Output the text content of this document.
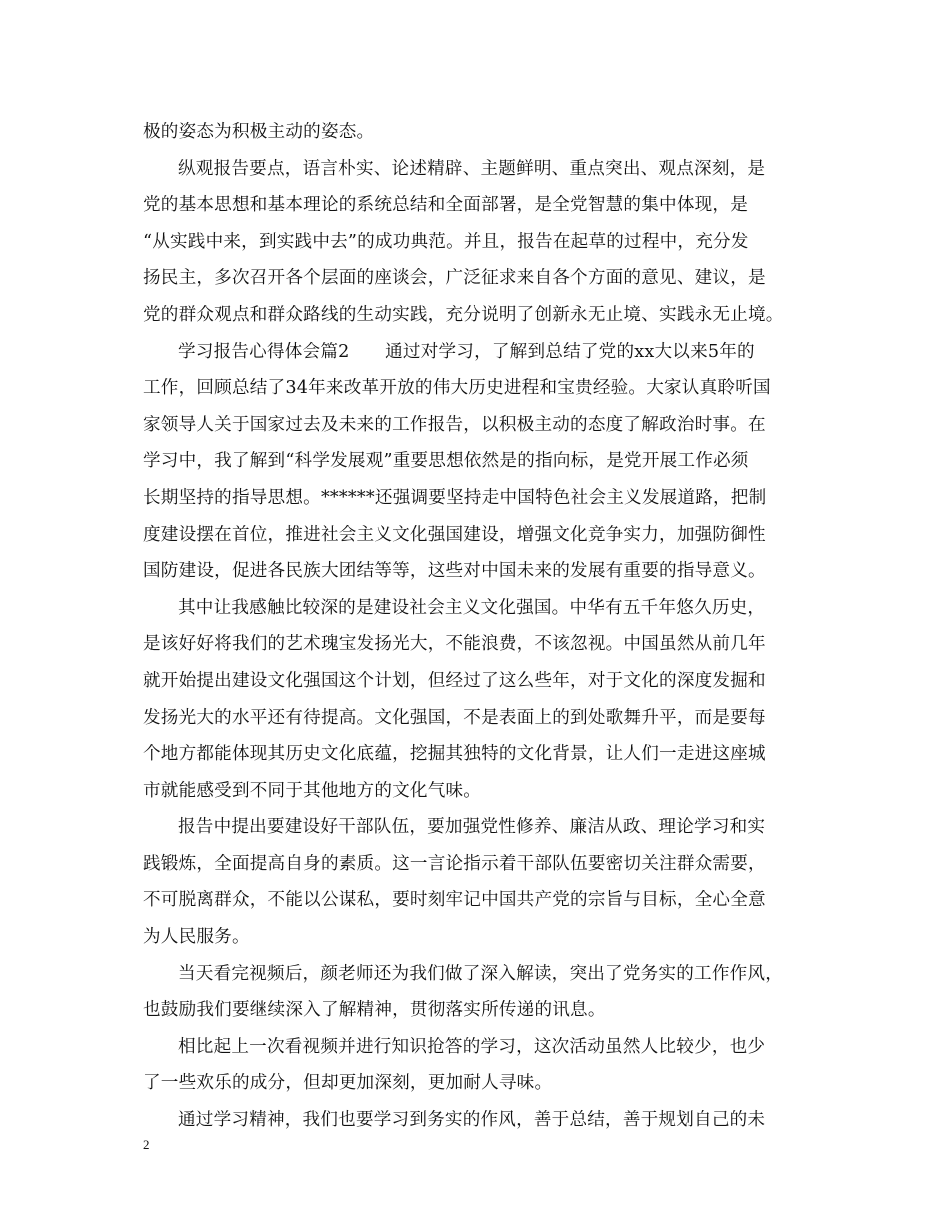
极的姿态为积极主动的姿态。
纵观报告要点，语言朴实、论述精辟、主题鲜明、重点突出、观点深刻，是
党的基本思想和基本理论的系统总结和全面部署，是全党智慧的集中体现，是
“从实践中来，到实践中去”的成功典范。并且，报告在起草的过程中，充分发
扬民主，多次召开各个层面的座谈会，广泛征求来自各个方面的意见、建议，是
党的群众观点和群众路线的生动实践，充分说明了创新永无止境、实践永无止境。
学习报告心得体会篇2　　通过对学习，了解到总结了党的xx大以来5年的
工作，回顾总结了34年来改革开放的伟大历史进程和宝贵经验。大家认真聆听国
家领导人关于国家过去及未来的工作报告，以积极主动的态度了解政治时事。在
学习中，我了解到“科学发展观”重要思想依然是的指向标，是党开展工作必须
长期坚持的指导思想。******还强调要坚持走中国特色社会主义发展道路，把制
度建设摆在首位，推进社会主义文化强国建设，增强文化竞争实力，加强防御性
国防建设，促进各民族大团结等等，这些对中国未来的发展有重要的指导意义。
其中让我感触比较深的是建设社会主义文化强国。中华有五千年悠久历史，
是该好好将我们的艺术瑰宝发扬光大，不能浪费，不该忽视。中国虽然从前几年
就开始提出建设文化强国这个计划，但经过了这么些年，对于文化的深度发掘和
发扬光大的水平还有待提高。文化强国，不是表面上的到处歌舞升平，而是要每
个地方都能体现其历史文化底蕴，挖掘其独特的文化背景，让人们一走进这座城
市就能感受到不同于其他地方的文化气味。
报告中提出要建设好干部队伍，要加强党性修养、廉洁从政、理论学习和实
践锻炼，全面提高自身的素质。这一言论指示着干部队伍要密切关注群众需要，
不可脱离群众，不能以公谋私，要时刻牢记中国共产党的宗旨与目标，全心全意
为人民服务。
当天看完视频后，颜老师还为我们做了深入解读，突出了党务实的工作作风，
也鼓励我们要继续深入了解精神，贯彻落实所传递的讯息。
相比起上一次看视频并进行知识抢答的学习，这次活动虽然人比较少，也少
了一些欢乐的成分，但却更加深刻，更加耐人寻味。
通过学习精神，我们也要学习到务实的作风，善于总结，善于规划自己的未
2
